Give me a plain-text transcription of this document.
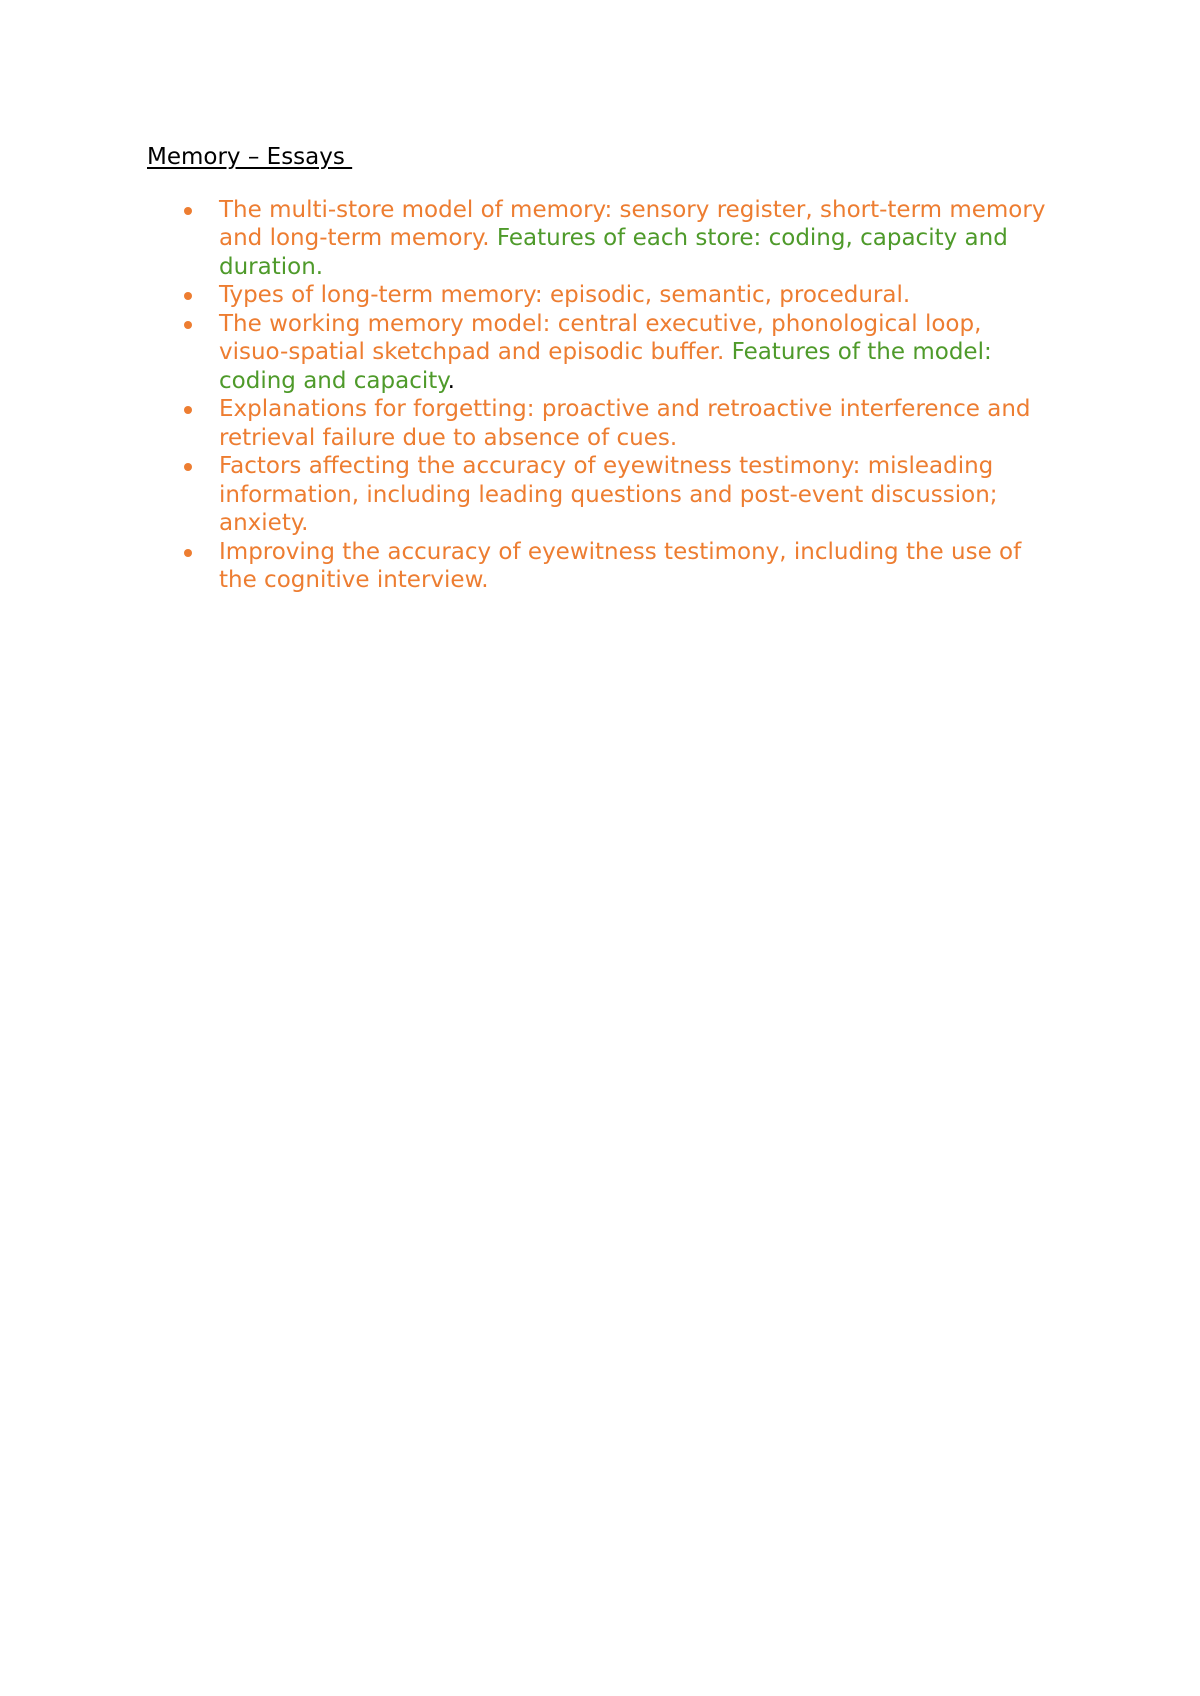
Memory – Essays
The multi-store model of memory: sensory register, short-term memory and long-term memory. Features of each store: coding, capacity and duration.
Types of long-term memory: episodic, semantic, procedural.
The working memory model: central executive, phonological loop, visuo-spatial sketchpad and episodic buffer. Features of the model: coding and capacity.
Explanations for forgetting: proactive and retroactive interference and retrieval failure due to absence of cues.
Factors affecting the accuracy of eyewitness testimony: misleading information, including leading questions and post-event discussion; anxiety.
Improving the accuracy of eyewitness testimony, including the use of the cognitive interview.
